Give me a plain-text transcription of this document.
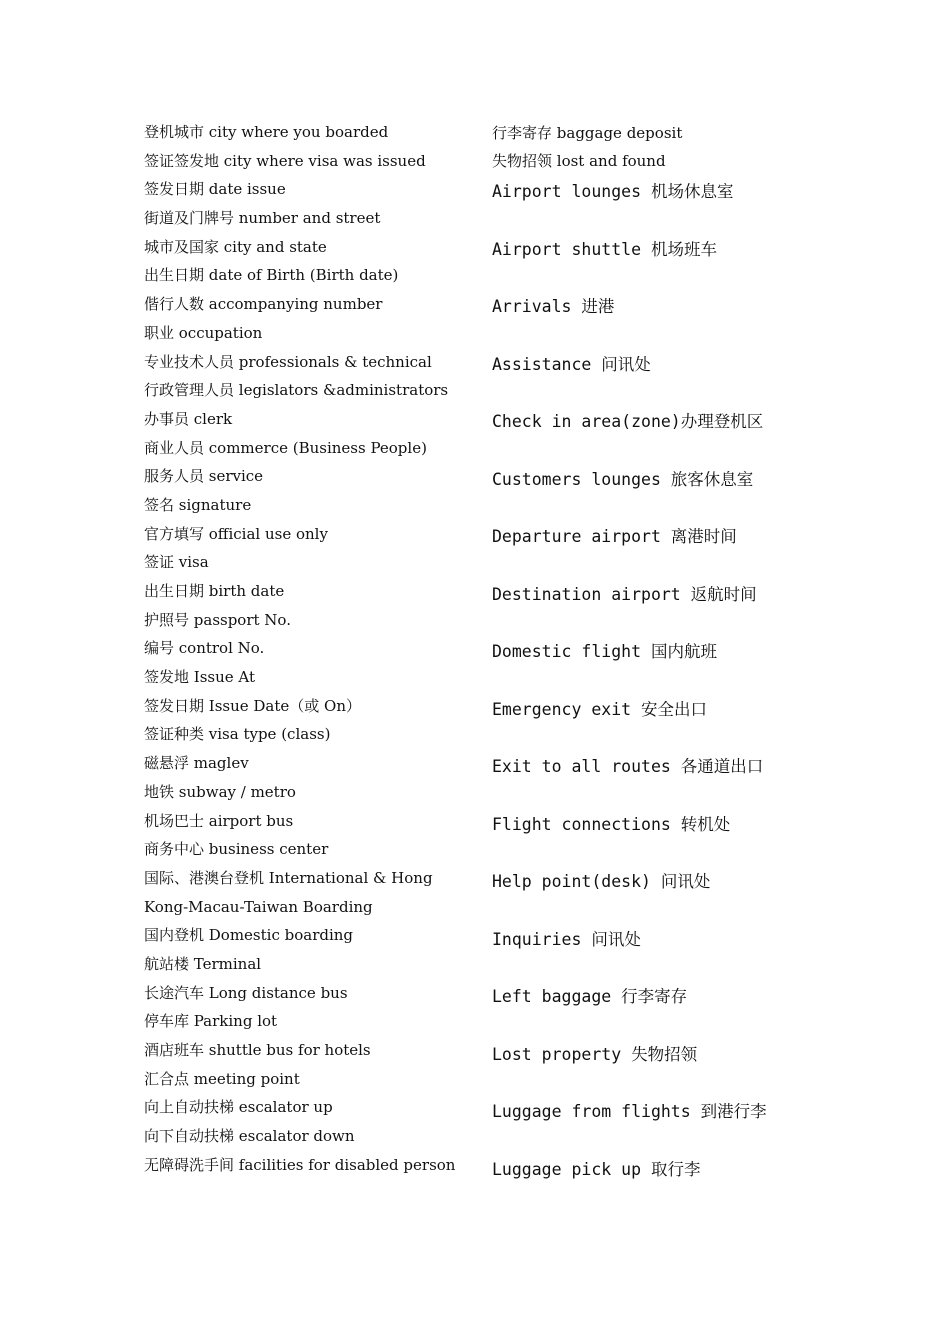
登机城市 city where you boarded
签证签发地 city where visa was issued
签发日期 date issue
街道及门牌号 number and street
城市及国家 city and state
出生日期 date of Birth (Birth date)
偕行人数 accompanying number
职业 occupation
专业技术人员 professionals & technical
行政管理人员 legislators &administrators
办事员 clerk
商业人员 commerce (Business People)
服务人员 service
签名 signature
官方填写 official use only
签证 visa
出生日期 birth date
护照号 passport No.
编号 control No.
签发地 Issue At
签发日期 Issue Date（或 On）
签证种类 visa type (class)
磁悬浮 maglev
地铁 subway / metro
机场巴士 airport bus
商务中心 business center
国际、港澳台登机 International & Hong
Kong-Macau-Taiwan Boarding
国内登机 Domestic boarding
航站楼 Terminal
长途汽车 Long distance bus
停车库 Parking lot
酒店班车 shuttle bus for hotels
汇合点 meeting point
向上自动扶梯 escalator up
向下自动扶梯 escalator down
无障碍洗手间 facilities for disabled person
行李寄存 baggage deposit
失物招领 lost and found
Airport lounges 机场休息室
Airport shuttle 机场班车
Arrivals 进港
Assistance 问讯处
Check in area(zone)办理登机区
Customers lounges 旅客休息室
Departure airport 离港时间
Destination airport 返航时间
Domestic flight 国内航班
Emergency exit 安全出口
Exit to all routes 各通道出口
Flight connections 转机处
Help point(desk) 问讯处
Inquiries 问讯处
Left baggage 行李寄存
Lost property 失物招领
Luggage from flights 到港行李
Luggage pick up 取行李
